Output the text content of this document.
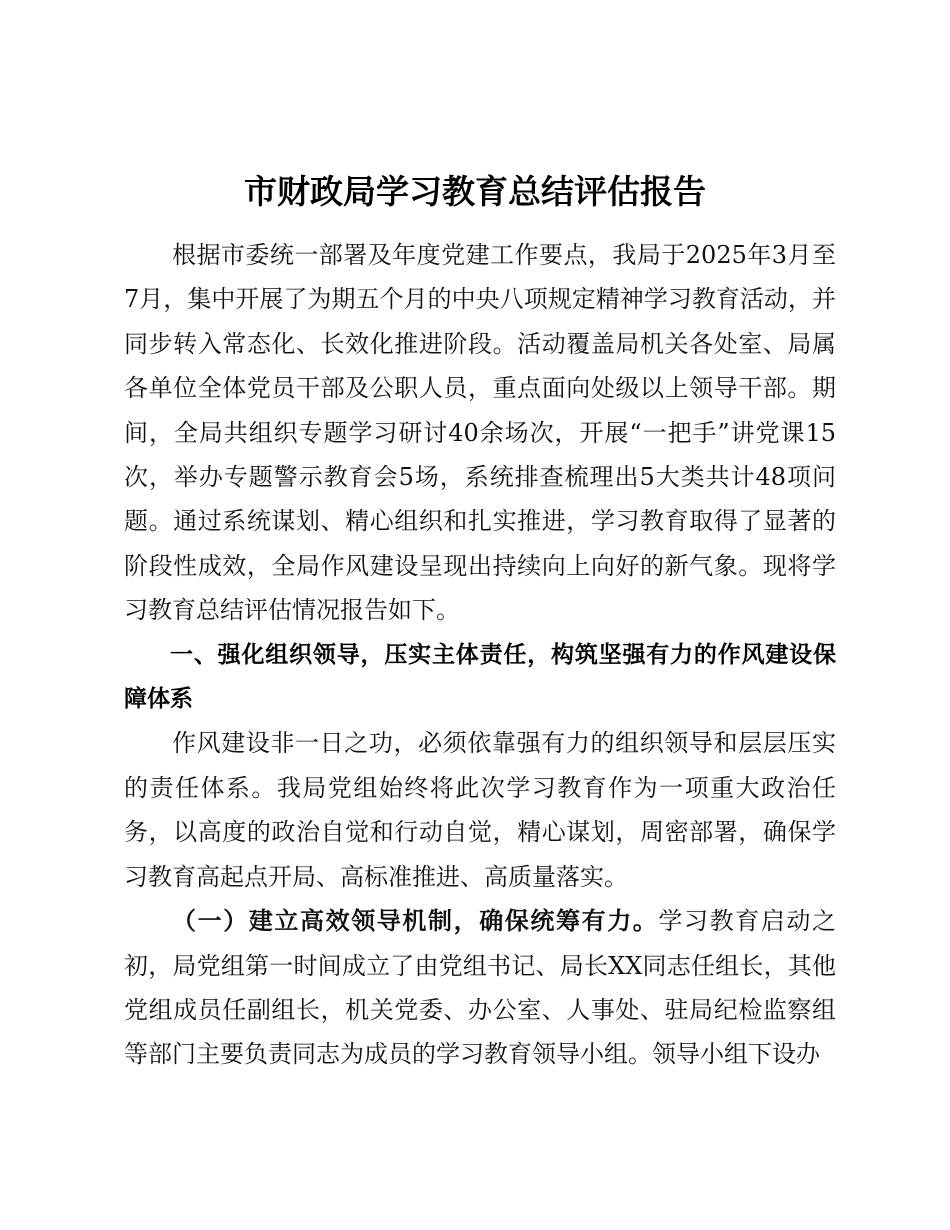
市财政局学习教育总结评估报告

根据市委统一部署及年度党建工作要点，我局于2025年3月至7月，集中开展了为期五个月的中央八项规定精神学习教育活动，并同步转入常态化、长效化推进阶段。活动覆盖局机关各处室、局属各单位全体党员干部及公职人员，重点面向处级以上领导干部。期间，全局共组织专题学习研讨40余场次，开展“一把手”讲党课15次，举办专题警示教育会5场，系统排查梳理出5大类共计48项问题。通过系统谋划、精心组织和扎实推进，学习教育取得了显著的阶段性成效，全局作风建设呈现出持续向上向好的新气象。现将学习教育总结评估情况报告如下。

一、强化组织领导，压实主体责任，构筑坚强有力的作风建设保障体系

作风建设非一日之功，必须依靠强有力的组织领导和层层压实的责任体系。我局党组始终将此次学习教育作为一项重大政治任务，以高度的政治自觉和行动自觉，精心谋划，周密部署，确保学习教育高起点开局、高标准推进、高质量落实。

（一）建立高效领导机制，确保统筹有力。学习教育启动之初，局党组第一时间成立了由党组书记、局长XX同志任组长，其他党组成员任副组长，机关党委、办公室、人事处、驻局纪检监察组等部门主要负责同志为成员的学习教育领导小组。领导小组下设办
